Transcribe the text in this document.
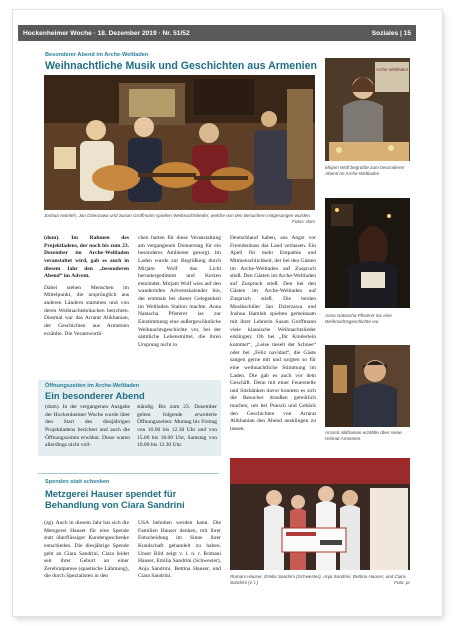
Hockenheimer Woche · 18. Dezember 2019 · Nr. 51/52	Soziales | 15
Besonderer Abend im Arche-Weltladen
Weihnachtliche Musik und Geschichten aus Armenien
Joshua Hamleh, Jan Dzierzawa und Susan Groffmann spielten Weihnachtslieder, welche von den Besuchern mitgesungen wurden.
Fotos: dom
Arche Weltladen
Mirjam Wolf begrüßte zum besonderen Abend im Arche-Weltladen
Anna Natascha Pfisterer las eine Weihnachtsgeschichte vor.
Arrarat Alikhanian erzählte über seine Heimat Armenien.

(dom). Im Rahmen des Projektladens, der noch bis zum 23. Dezember im Arche-Weltladen veranstaltet wird, gab es auch in diesem Jahr den „besonderen Abend“ im Advent.

Dabei stehen Menschen im Mittelpunkt, die ursprünglich aus anderen Ländern stammen und von deren Weihnachtsbräuchen berichten. Diesmal war das Arrarat Alikhanian, der Geschichten aus Armenien erzählte. Die Verantwortli-

chen hatten für diese Veranstaltung am vergangenen Donnerstag für ein besonderes Ambiente gesorgt. Im Laden wurde zur Begrüßung durch Mirjam Wolf das Licht heruntergedimmt und Kerzen entzündet. Mirjam Wolf wies auf den wandernden Adventskalender hin, der erstmals bei dieser Gelegenheit im Weltladen Station machte. Anna Natascha Pfisterer las zur Einstimmung eine außergewöhnliche Weihnachtsgeschichte vor, bei der sämtliche Lebensmittel, die ihren Ursprung nicht in

Deutschland haben, aus Angst vor Fremdenhass das Land verlassen. Ein Apell für mehr Empathie und Mitmenschlichkeit, der bei den Gästen im Arche-Weltladen auf Zuspruch stieß. Den Gästen im Arche-Weltladen auf Zuspruch stieß. Den bei den Gästen im Arche-Weltladen auf Zuspruch stieß. Die beiden Musikschüler Jan Dzierzawa und Joshua Hamleh spielten gemeinsam mit ihrer Lehrerin Susan Groffmann viele klassische Weihnachtslieder erklingen: Ob bei „Ihr Kinderlein kommet“, „Leise rieselt der Schnee“ oder bei „Feliz navidad“, die Gäste sangen gerne mit und sorgten so für eine weihnachtliche Stimmung im Laden. Die gab es auch vor dem Geschäft. Denn mit einer Feuerstelle und Sitzbänken davor konnten es sich die Besucher draußen gemütlich machen, um bei Punsch und Gebäck den Geschichten von Arrarat Alikhanian den Abend ausklingen zu lassen.

Öffnungszeiten im Arche-Weltladen
Ein besonderer Abend

(dom). In der vergangenen Ausgabe der Hockenheimer Woche wurde über den Start des diesjährigen Projektladens berichtet und auch die Öffnungszeiten erwähnt. Diese waren allerdings nicht voll-

ständig. Bis zum 23. Dezember gelten folgende erweiterte Öffnungszeiten: Montag bis Freitag von 10.00 bis 12.30 Uhr und von 15.00 bis 18.00 Uhr, Samstag von 10.00 bis 12.30 Uhr.

Spenden statt schenken
Metzgerei Hauser spendet für Behandlung von Ciara Sandrini

(zg). Auch in diesem Jahr hat sich die Metzgerei Hauser für eine Spende statt überflüssiger Kundengeschenke entschieden. Die diesjährige Spende geht an Ciara Sandrini. Ciara leidet seit ihrer Geburt an einer Zerebralparese (spastische Lähmung), die durch Spezialisten in den

USA behoben werden kann. Die Familien Hauser denken, mit ihrer Entscheidung im Sinne ihrer Kundschaft gehandelt zu haben. Unser Bild zeigt v. l. n. r. Romani Hauser, Emilia Sandrini (Schwester), Anja Sandrini, Bettina Hauser, und Ciara Sandrini.	Romani Hauser, Emilia Sandrini (Schwester), Anja Sandrini, Bettina Hauser, und Ciara Sandrini (v. l.)	Foto: pr
